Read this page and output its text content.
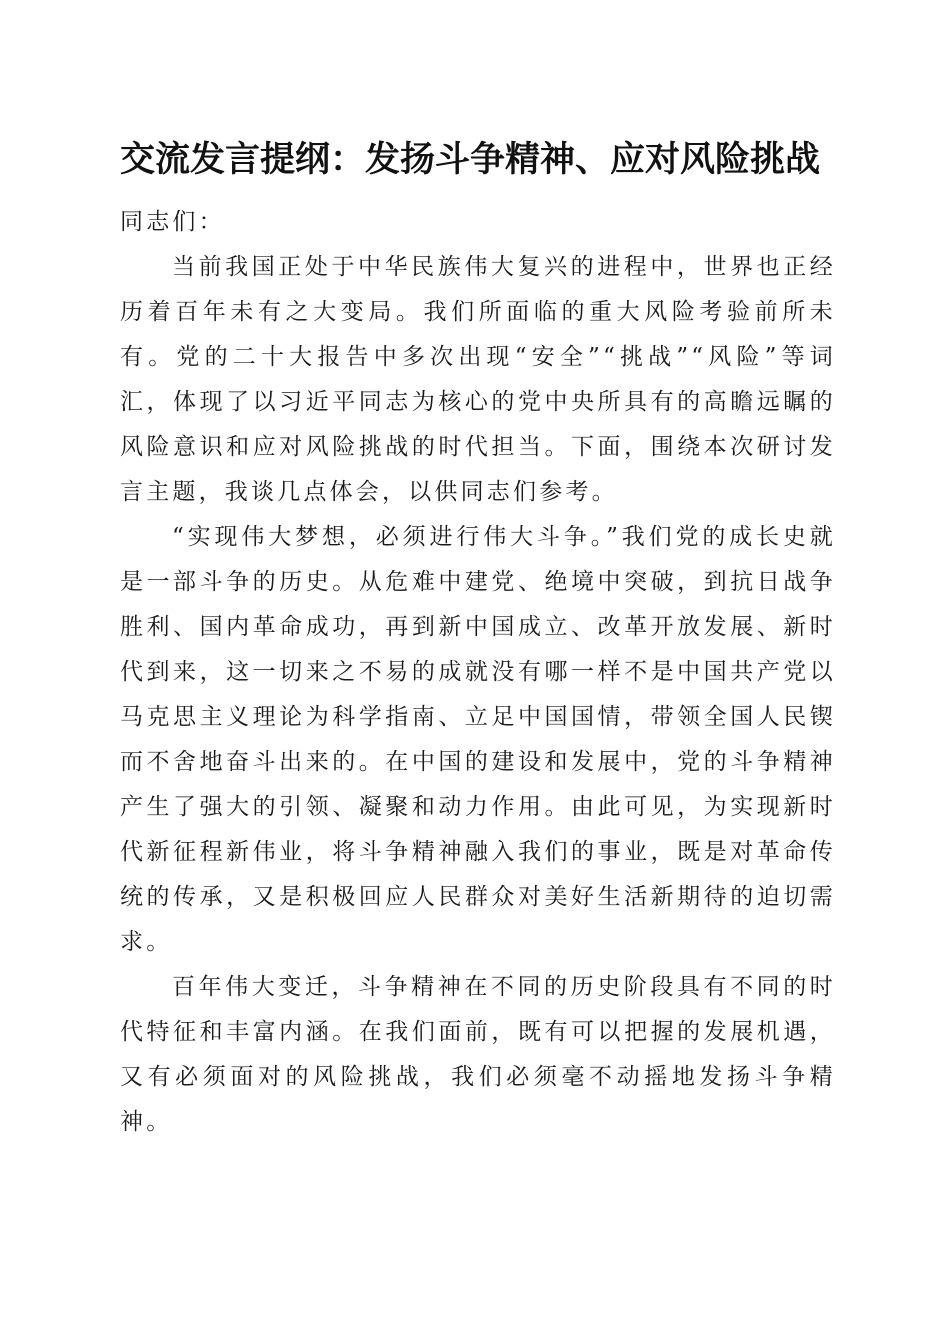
交流发言提纲：发扬斗争精神、应对风险挑战

同志们：

当前我国正处于中华民族伟大复兴的进程中，世界也正经历着百年未有之大变局。我们所面临的重大风险考验前所未有。党的二十大报告中多次出现“安全”“挑战”“风险”等词汇，体现了以习近平同志为核心的党中央所具有的高瞻远瞩的风险意识和应对风险挑战的时代担当。下面，围绕本次研讨发言主题，我谈几点体会，以供同志们参考。

“实现伟大梦想，必须进行伟大斗争。”我们党的成长史就是一部斗争的历史。从危难中建党、绝境中突破，到抗日战争胜利、国内革命成功，再到新中国成立、改革开放发展、新时代到来，这一切来之不易的成就没有哪一样不是中国共产党以马克思主义理论为科学指南、立足中国国情，带领全国人民锲而不舍地奋斗出来的。在中国的建设和发展中，党的斗争精神产生了强大的引领、凝聚和动力作用。由此可见，为实现新时代新征程新伟业，将斗争精神融入我们的事业，既是对革命传统的传承，又是积极回应人民群众对美好生活新期待的迫切需求。

百年伟大变迁，斗争精神在不同的历史阶段具有不同的时代特征和丰富内涵。在我们面前，既有可以把握的发展机遇，又有必须面对的风险挑战，我们必须毫不动摇地发扬斗争精神。
